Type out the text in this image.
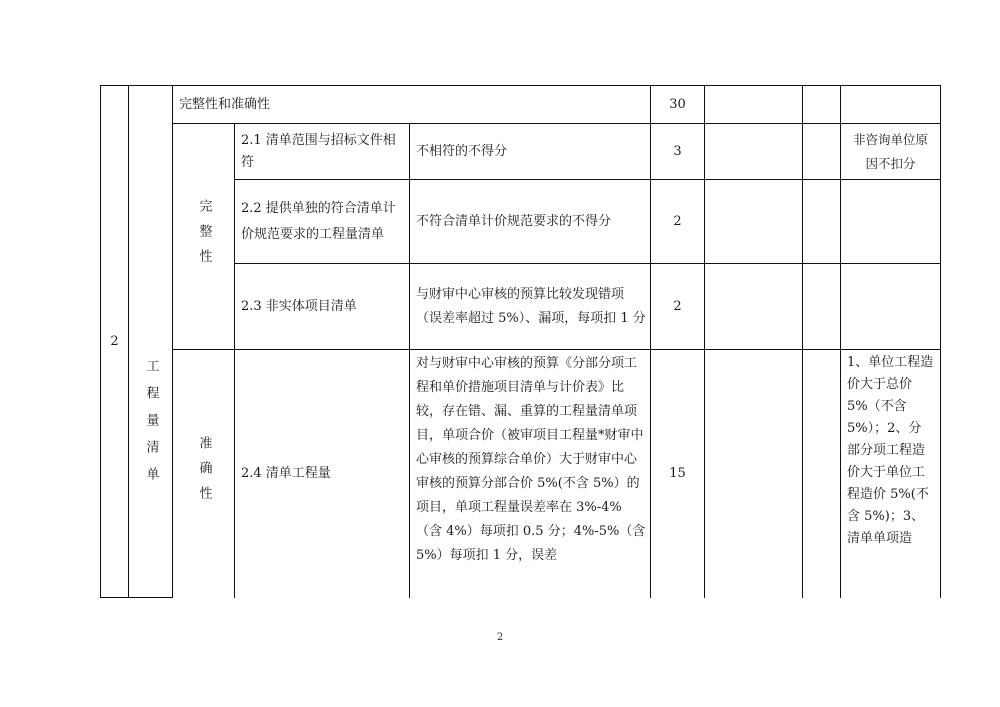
2	工程量清单	完整性和准确性			30			

		完整性	2.1 清单范围与招标文件相符	不相符的不得分	3			非咨询单位原因不扣分
			2.2 提供单独的符合清单计价规范要求的工程量清单	不符合清单计价规范要求的不得分	2			
			2.3 非实体项目清单	与财审中心审核的预算比较发现错项（误差率超过 5%）、漏项，每项扣 1 分	2			

		准确性	2.4 清单工程量	对与财审中心审核的预算《分部分项工程和单价措施项目清单与计价表》比较，存在错、漏、重算的工程量清单项目，单项合价（被审项目工程量*财审中心审核的预算综合单价）大于财审中心审核的预算分部合价 5%(不含 5%）的项目，单项工程量误差率在 3%-4%（含 4%）每项扣 0.5 分；4%-5%（含 5%）每项扣 1 分，误差	15			1、单位工程造价大于总价 5%（不含 5%）；2、分部分项工程造价大于单位工程造价 5%(不含 5%)；3、清单单项造
2
